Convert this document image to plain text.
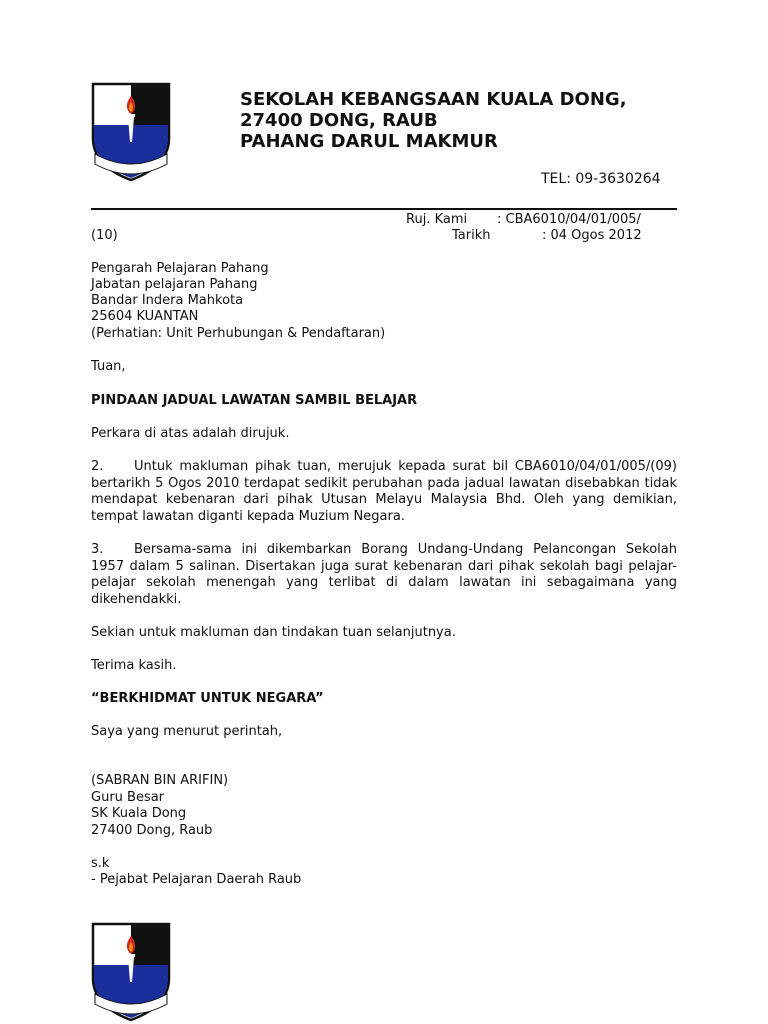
SEKOLAH KEBANGSAAN KUALA DONG,
27400 DONG, RAUB
PAHANG DARUL MAKMUR
TEL: 09-3630264
Ruj. Kami : CBA6010/04/01/005/
(10)	Tarikh	: 04 Ogos 2012
Pengarah Pelajaran Pahang
Jabatan pelajaran Pahang
Bandar Indera Mahkota
25604 KUANTAN
(Perhatian: Unit Perhubungan & Pendaftaran)
Tuan,
PINDAAN JADUAL LAWATAN SAMBIL BELAJAR
Perkara di atas adalah dirujuk.
2. Untuk makluman pihak tuan, merujuk kepada surat bil CBA6010/04/01/005/(09) bertarikh 5 Ogos 2010 terdapat sedikit perubahan pada jadual lawatan disebabkan tidak mendapat kebenaran dari pihak Utusan Melayu Malaysia Bhd. Oleh yang demikian, tempat lawatan diganti kepada Muzium Negara.
3. Bersama-sama ini dikembarkan Borang Undang-Undang Pelancongan Sekolah 1957 dalam 5 salinan. Disertakan juga surat kebenaran dari pihak sekolah bagi pelajar-pelajar sekolah menengah yang terlibat di dalam lawatan ini sebagaimana yang dikehendakki.
Sekian untuk makluman dan tindakan tuan selanjutnya.
Terima kasih.
“BERKHIDMAT UNTUK NEGARA”
Saya yang menurut perintah,
(SABRAN BIN ARIFIN)
Guru Besar
SK Kuala Dong
27400 Dong, Raub
s.k
- Pejabat Pelajaran Daerah Raub
